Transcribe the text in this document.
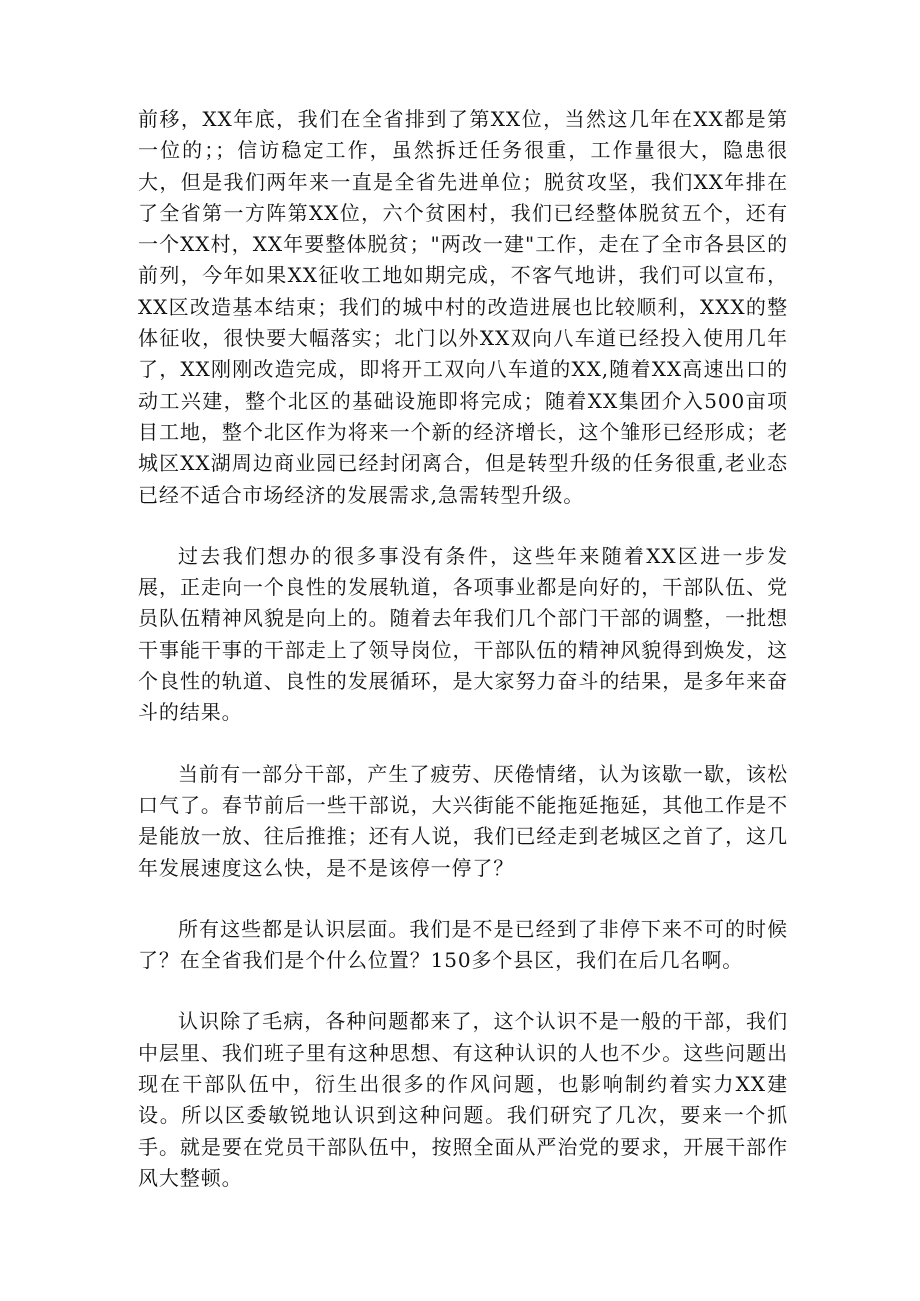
前移，XX年底，我们在全省排到了第XX位，当然这几年在XX都是第一位的；；信访稳定工作，虽然拆迁任务很重，工作量很大，隐患很大，但是我们两年来一直是全省先进单位；脱贫攻坚，我们XX年排在了全省第一方阵第XX位，六个贫困村，我们已经整体脱贫五个，还有一个XX村，XX年要整体脱贫；"两改一建"工作，走在了全市各县区的前列，今年如果XX征收工地如期完成，不客气地讲，我们可以宣布，XX区改造基本结束；我们的城中村的改造进展也比较顺利，XXX的整体征收，很快要大幅落实；北门以外XX双向八车道已经投入使用几年了，XX刚刚改造完成，即将开工双向八车道的XX,随着XX高速出口的动工兴建，整个北区的基础设施即将完成；随着XX集团介入500亩项目工地，整个北区作为将来一个新的经济增长，这个雏形已经形成；老城区XX湖周边商业园已经封闭离合，但是转型升级的任务很重,老业态已经不适合市场经济的发展需求,急需转型升级。

过去我们想办的很多事没有条件，这些年来随着XX区进一步发展，正走向一个良性的发展轨道，各项事业都是向好的，干部队伍、党员队伍精神风貌是向上的。随着去年我们几个部门干部的调整，一批想干事能干事的干部走上了领导岗位，干部队伍的精神风貌得到焕发，这个良性的轨道、良性的发展循环，是大家努力奋斗的结果，是多年来奋斗的结果。

当前有一部分干部，产生了疲劳、厌倦情绪，认为该歇一歇，该松口气了。春节前后一些干部说，大兴街能不能拖延拖延，其他工作是不是能放一放、往后推推；还有人说，我们已经走到老城区之首了，这几年发展速度这么快，是不是该停一停了？

所有这些都是认识层面。我们是不是已经到了非停下来不可的时候了？在全省我们是个什么位置？150多个县区，我们在后几名啊。

认识除了毛病，各种问题都来了，这个认识不是一般的干部，我们中层里、我们班子里有这种思想、有这种认识的人也不少。这些问题出现在干部队伍中，衍生出很多的作风问题，也影响制约着实力XX建设。所以区委敏锐地认识到这种问题。我们研究了几次，要来一个抓手。就是要在党员干部队伍中，按照全面从严治党的要求，开展干部作风大整顿。
